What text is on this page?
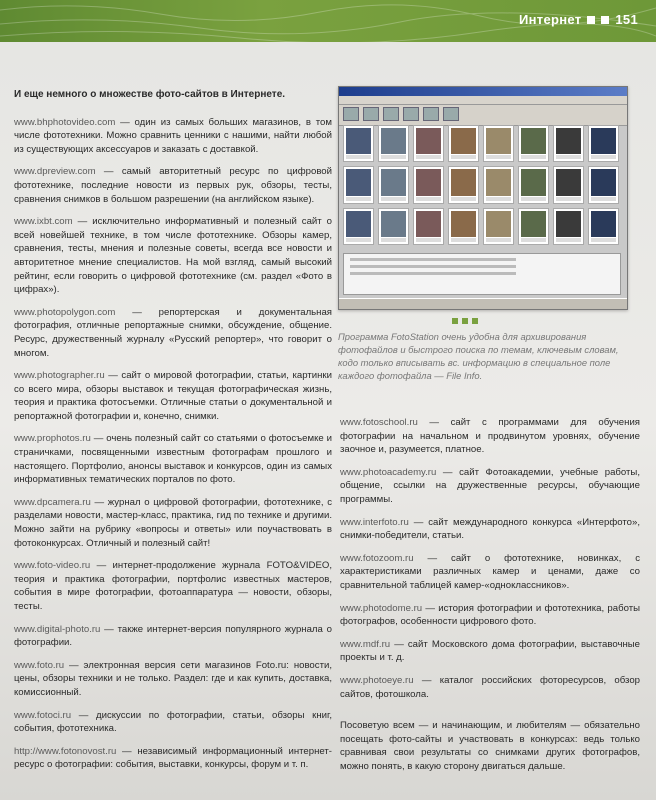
Интернет	151

И еще немного о множестве фото-сайтов в Интернете.

www.bhphotovideo.com — один из самых больших магазинов, в том числе фототехники. Можно сравнить ценники с нашими, найти любой из существующих аксессуаров и заказать с доставкой.

www.dpreview.com — самый авторитетный ресурс по цифровой фототехнике, последние новости из первых рук, обзоры, тесты, сравнения снимков в большом разрешении (на английском языке).

www.ixbt.com — исключительно информативный и полезный сайт о всей новейшей технике, в том числе фототехнике. Обзоры камер, сравнения, тесты, мнения и полезные советы, всегда все новости и авторитетное мнение специалистов. На мой взгляд, самый высокий рейтинг, если говорить о цифровой фототехнике (см. раздел «Фото в цифрах»).

www.photopolygon.com — репортерская и документальная фотография, отличные репортажные снимки, обсуждение, общение. Ресурс, дружественный журналу «Русский репортер», что говорит о многом.

www.photographer.ru — сайт о мировой фотографии, статьи, картинки со всего мира, обзоры выставок и текущая фотографическая жизнь, теория и практика фотосъемки. Отличные статьи о документальной и репортажной фотографии и, конечно, снимки.

www.prophotos.ru — очень полезный сайт со статьями о фотосъемке и страничками, посвященными известным фотографам прошлого и настоящего. Портфолио, анонсы выставок и конкурсов, один из самых информативных тематических порталов по фото.

www.dpcamera.ru — журнал о цифровой фотографии, фототехнике, с разделами новости, мастер-класс, практика, гид по технике и другими. Можно зайти на рубрику «вопросы и ответы» или поучаствовать в фотоконкурсах. Отличный и полезный сайт!

www.foto-video.ru — интернет-продолжение журнала FOTO&VIDEO, теория и практика фотографии, портфолис известных мастеров, события в мире фотографии, фотоаппаратура — новости, обзоры, тесты.

www.digital-photo.ru — также интернет-версия популярного журнала о фотографии.

www.foto.ru — электронная версия сети магазинов Foto.ru: новости, цены, обзоры техники и не только. Раздел: где и как купить, доставка, комиссионный.

www.fotoci.ru — дискуссии по фотографии, статьи, обзоры книг, события, фототехника.

http://www.fotonovost.ru — независимый информационный интернет-ресурс о фотографии: события, выставки, конкурсы, форум и т. п.

Программа FotoStation очень удобна для архивирования фотофайлов и быстрого поиска по темам, ключевым словам, кодо только вписывать вс. информацию в специальное поле каждого фотофайла — File Info.

www.fotoschool.ru — сайт с программами для обучения фотографии на начальном и продвинутом уровнях, обучение заочное и, разумеется, платное.

www.photoacademy.ru — сайт Фотоакадемии, учебные работы, общение, ссылки на дружественные ресурсы, обучающие программы.

www.interfoto.ru — сайт международного конкурса «Интерфото», снимки-победители, статьи.

www.fotozoom.ru — сайт о фототехнике, новинках, с характеристиками различных камер и ценами, даже со сравнительной таблицей камер-«одноклассников».

www.photodome.ru — история фотографии и фототехника, работы фотографов, особенности цифрового фото.

www.mdf.ru — сайт Московского дома фотографии, выставочные проекты и т. д.

www.photoeye.ru — каталог российских фоторесурсов, обзор сайтов, фотошкола.

Посоветую всем — и начинающим, и любителям — обязательно посещать фото-сайты и участвовать в конкурсах: ведь только сравнивая свои результаты со снимками других фотографов, можно понять, в какую сторону двигаться дальше.
